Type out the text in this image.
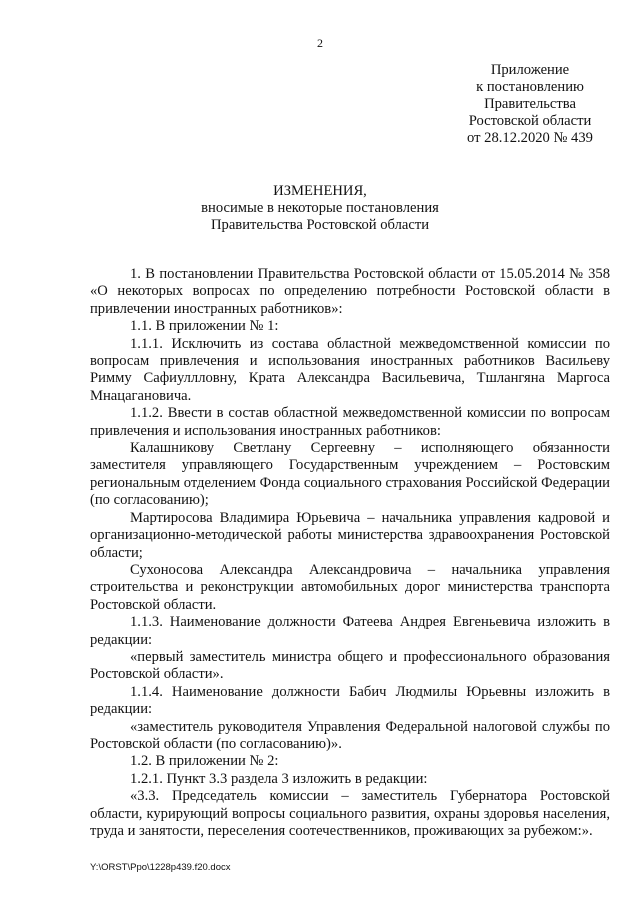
2
Приложение
к постановлению
Правительства
Ростовской области
от 28.12.2020 № 439
ИЗМЕНЕНИЯ,
вносимые в некоторые постановления
Правительства Ростовской области

1. В постановлении Правительства Ростовской области от 15.05.2014 № 358 «О некоторых вопросах по определению потребности Ростовской области в привлечении иностранных работников»:

1.1. В приложении № 1:

1.1.1. Исключить из состава областной межведомственной комиссии по вопросам привлечения и использования иностранных работников Васильеву Римму Сафиуллловну, Крата Александра Васильевича, Тшлангяна Маргоса Мнацагановича.

1.1.2. Ввести в состав областной межведомственной комиссии по вопросам привлечения и использования иностранных работников:

Калашникову Светлану Сергеевну – исполняющего обязанности заместителя управляющего Государственным учреждением – Ростовским региональным отделением Фонда социального страхования Российской Федерации (по согласованию);

Мартиросова Владимира Юрьевича – начальника управления кадровой и организационно-методической работы министерства здравоохранения Ростовской области;

Сухоносова Александра Александровича – начальника управления строительства и реконструкции автомобильных дорог министерства транспорта Ростовской области.

1.1.3. Наименование должности Фатеева Андрея Евгеньевича изложить в редакции:

«первый заместитель министра общего и профессионального образования Ростовской области».

1.1.4. Наименование должности Бабич Людмилы Юрьевны изложить в редакции:

«заместитель руководителя Управления Федеральной налоговой службы по Ростовской области (по согласованию)».

1.2. В приложении № 2:

1.2.1. Пункт 3.3 раздела 3 изложить в редакции:

«3.3. Председатель комиссии – заместитель Губернатора Ростовской области, курирующий вопросы социального развития, охраны здоровья населения, труда и занятости, переселения соотечественников, проживающих за рубежом:».

Y:\ORST\Ppo\1228p439.f20.docx
